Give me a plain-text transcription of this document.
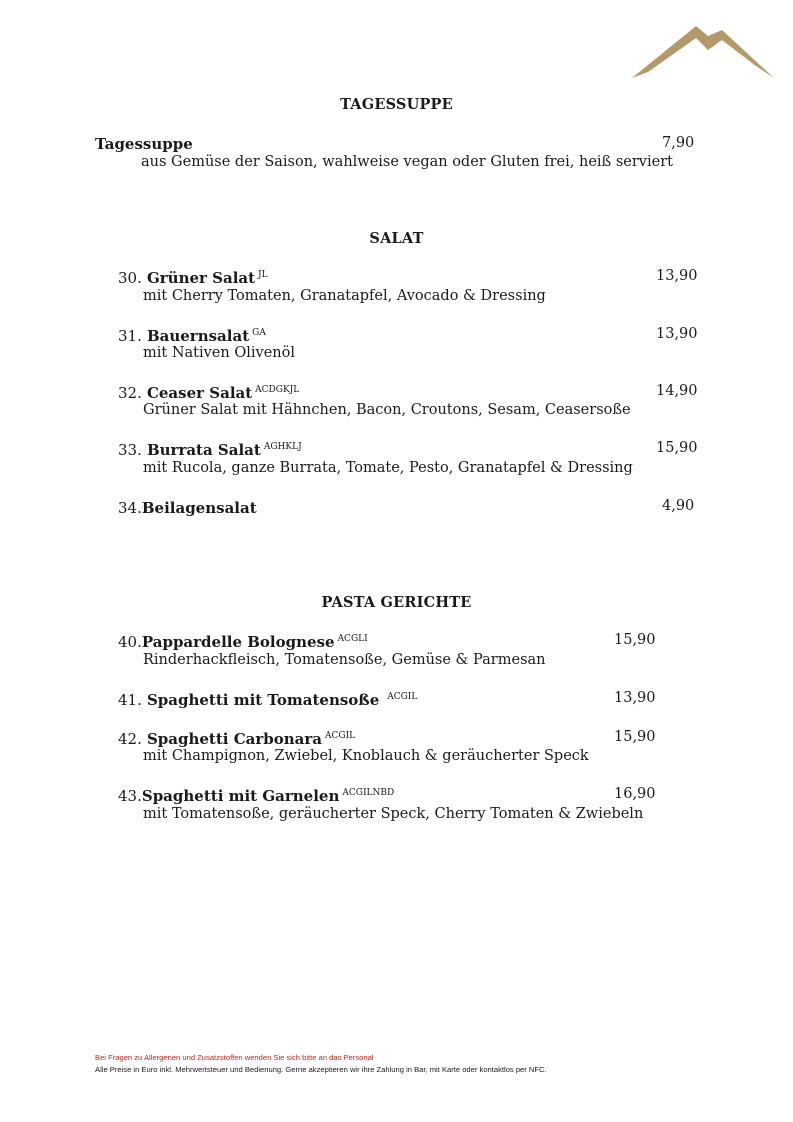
TAGESSUPPE
Tagessuppe	7,90
aus Gemüse der Saison, wahlweise vegan oder Gluten frei, heiß serviert
SALAT
30. Grüner Salat $^{JL}$	13,90
mit Cherry Tomaten, Granatapfel, Avocado & Dressing
31. Bauernsalat $^{GA}$	13,90
mit Nativen Olivenöl
32. Ceaser Salat $^{ACDGKJL}$	14,90
Grüner Salat mit Hähnchen, Bacon, Croutons, Sesam, Ceasersoße
33. Burrata Salat $^{AGHKLJ}$	15,90
mit Rucola, ganze Burrata, Tomate, Pesto, Granatapfel & Dressing
34.Beilagensalat	4,90
PASTA GERICHTE
40.Pappardelle Bolognese $^{ACGLI}$	15,90
Rinderhackfleisch, Tomatensoße, Gemüse & Parmesan
41. Spaghetti mit Tomatensoße $^{ACGIL}$	13,90
42. Spaghetti Carbonara $^{ACGIL}$	15,90
mit Champignon, Zwiebel, Knoblauch & geräucherter Speck
43.Spaghetti mit Garnelen $^{ACGILNBD}$	16,90
mit Tomatensoße, geräucherter Speck, Cherry Tomaten & Zwiebeln
Bei Fragen zu Allergenen und Zusatzstoffen wenden Sie sich bitte an das Personal
Alle Preise in Euro inkl. Mehrwertsteuer und Bedienung. Gerne akzeptieren wir ihre Zahlung in Bar, mit Karte oder kontaktlos per NFC.
